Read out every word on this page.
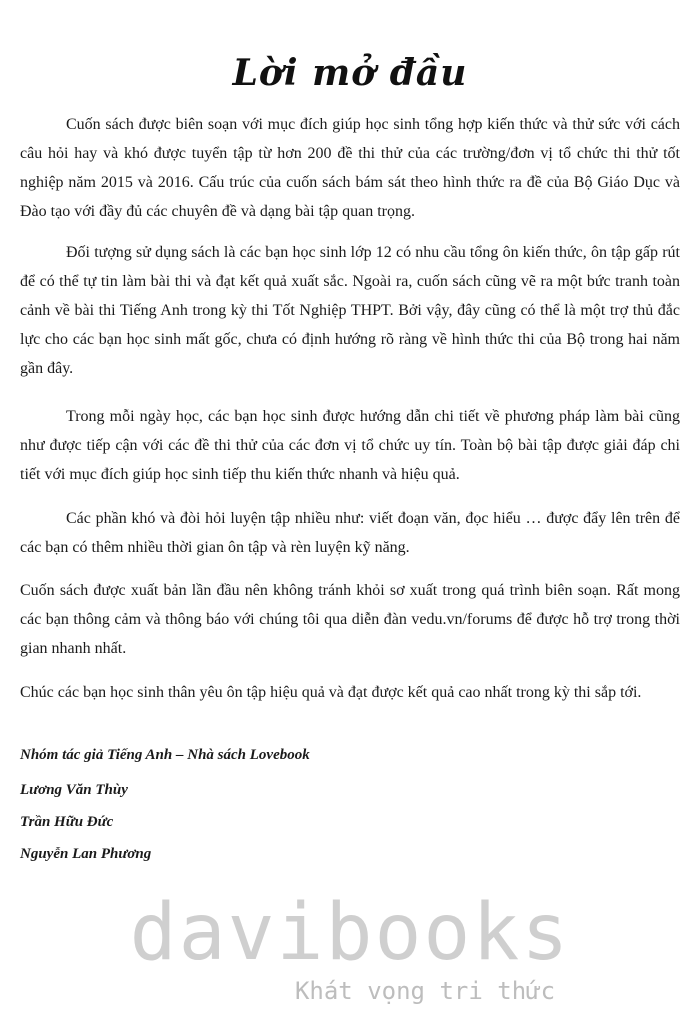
Lời mở đầu
Cuốn sách được biên soạn với mục đích giúp học sinh tổng hợp kiến thức và thử sức với cách câu hỏi hay và khó được tuyển tập từ hơn 200 đề thi thử của các trường/đơn vị tổ chức thi thử tốt nghiệp năm 2015 và 2016. Cấu trúc của cuốn sách bám sát theo hình thức ra đề của Bộ Giáo Dục và Đào tạo với đầy đủ các chuyên đề và dạng bài tập quan trọng.
Đối tượng sử dụng sách là các bạn học sinh lớp 12 có nhu cầu tổng ôn kiến thức, ôn tập gấp rút để có thể tự tin làm bài thi và đạt kết quả xuất sắc. Ngoài ra, cuốn sách cũng vẽ ra một bức tranh toàn cảnh về bài thi Tiếng Anh trong kỳ thi Tốt Nghiệp THPT. Bởi vậy, đây cũng có thể là một trợ thủ đắc lực cho các bạn học sinh mất gốc, chưa có định hướng rõ ràng về hình thức thi của Bộ trong hai năm gần đây.
Trong mỗi ngày học, các bạn học sinh được hướng dẫn chi tiết về phương pháp làm bài cũng như được tiếp cận với các đề thi thử của các đơn vị tổ chức uy tín. Toàn bộ bài tập được giải đáp chi tiết với mục đích giúp học sinh tiếp thu kiến thức nhanh và hiệu quả.
Các phần khó và đòi hỏi luyện tập nhiều như: viết đoạn văn, đọc hiểu … được đẩy lên trên để các bạn có thêm nhiều thời gian ôn tập và rèn luyện kỹ năng.
Cuốn sách được xuất bản lần đầu nên không tránh khỏi sơ xuất trong quá trình biên soạn. Rất mong các bạn thông cảm và thông báo với chúng tôi qua diễn đàn vedu.vn/forums để được hỗ trợ trong thời gian nhanh nhất.
Chúc các bạn học sinh thân yêu ôn tập hiệu quả và đạt được kết quả cao nhất trong kỳ thi sắp tới.
Nhóm tác giả Tiếng Anh – Nhà sách Lovebook
Lương Văn Thùy
Trần Hữu Đức
Nguyễn Lan Phương
davibooks
Khát vọng tri thức
